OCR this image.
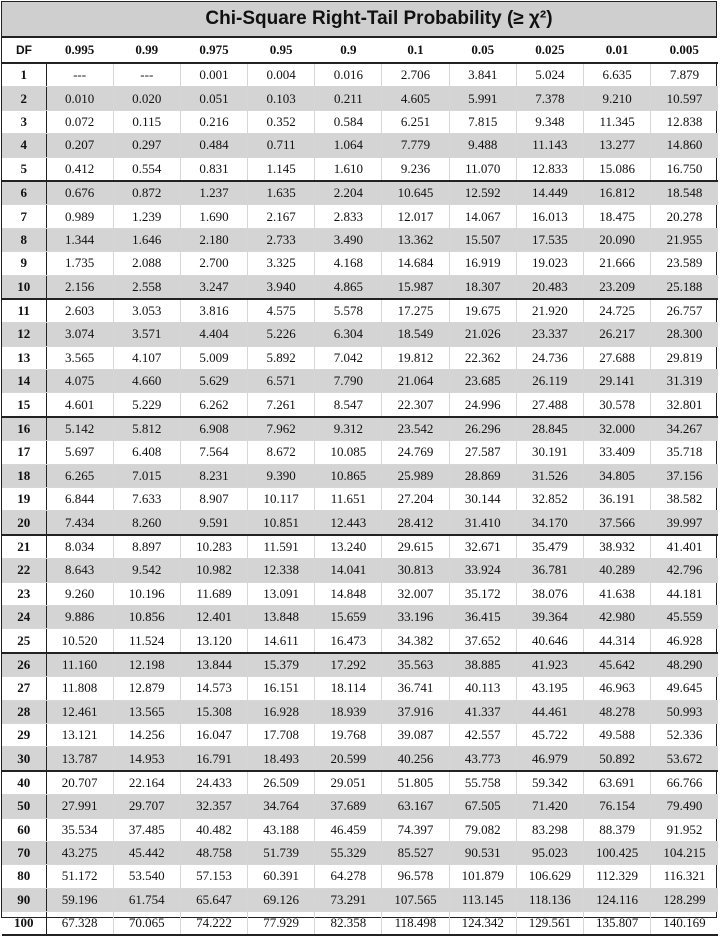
Chi-Square Right-Tail Probability (≥ χ²)
DF	0.995	0.99	0.975	0.95	0.9	0.1	0.05	0.025	0.01	0.005
1	---	---	0.001	0.004	0.016	2.706	3.841	5.024	6.635	7.879
2	0.010	0.020	0.051	0.103	0.211	4.605	5.991	7.378	9.210	10.597
3	0.072	0.115	0.216	0.352	0.584	6.251	7.815	9.348	11.345	12.838
4	0.207	0.297	0.484	0.711	1.064	7.779	9.488	11.143	13.277	14.860
5	0.412	0.554	0.831	1.145	1.610	9.236	11.070	12.833	15.086	16.750
6	0.676	0.872	1.237	1.635	2.204	10.645	12.592	14.449	16.812	18.548
7	0.989	1.239	1.690	2.167	2.833	12.017	14.067	16.013	18.475	20.278
8	1.344	1.646	2.180	2.733	3.490	13.362	15.507	17.535	20.090	21.955
9	1.735	2.088	2.700	3.325	4.168	14.684	16.919	19.023	21.666	23.589
10	2.156	2.558	3.247	3.940	4.865	15.987	18.307	20.483	23.209	25.188
11	2.603	3.053	3.816	4.575	5.578	17.275	19.675	21.920	24.725	26.757
12	3.074	3.571	4.404	5.226	6.304	18.549	21.026	23.337	26.217	28.300
13	3.565	4.107	5.009	5.892	7.042	19.812	22.362	24.736	27.688	29.819
14	4.075	4.660	5.629	6.571	7.790	21.064	23.685	26.119	29.141	31.319
15	4.601	5.229	6.262	7.261	8.547	22.307	24.996	27.488	30.578	32.801
16	5.142	5.812	6.908	7.962	9.312	23.542	26.296	28.845	32.000	34.267
17	5.697	6.408	7.564	8.672	10.085	24.769	27.587	30.191	33.409	35.718
18	6.265	7.015	8.231	9.390	10.865	25.989	28.869	31.526	34.805	37.156
19	6.844	7.633	8.907	10.117	11.651	27.204	30.144	32.852	36.191	38.582
20	7.434	8.260	9.591	10.851	12.443	28.412	31.410	34.170	37.566	39.997
21	8.034	8.897	10.283	11.591	13.240	29.615	32.671	35.479	38.932	41.401
22	8.643	9.542	10.982	12.338	14.041	30.813	33.924	36.781	40.289	42.796
23	9.260	10.196	11.689	13.091	14.848	32.007	35.172	38.076	41.638	44.181
24	9.886	10.856	12.401	13.848	15.659	33.196	36.415	39.364	42.980	45.559
25	10.520	11.524	13.120	14.611	16.473	34.382	37.652	40.646	44.314	46.928
26	11.160	12.198	13.844	15.379	17.292	35.563	38.885	41.923	45.642	48.290
27	11.808	12.879	14.573	16.151	18.114	36.741	40.113	43.195	46.963	49.645
28	12.461	13.565	15.308	16.928	18.939	37.916	41.337	44.461	48.278	50.993
29	13.121	14.256	16.047	17.708	19.768	39.087	42.557	45.722	49.588	52.336
30	13.787	14.953	16.791	18.493	20.599	40.256	43.773	46.979	50.892	53.672
40	20.707	22.164	24.433	26.509	29.051	51.805	55.758	59.342	63.691	66.766
50	27.991	29.707	32.357	34.764	37.689	63.167	67.505	71.420	76.154	79.490
60	35.534	37.485	40.482	43.188	46.459	74.397	79.082	83.298	88.379	91.952
70	43.275	45.442	48.758	51.739	55.329	85.527	90.531	95.023	100.425	104.215
80	51.172	53.540	57.153	60.391	64.278	96.578	101.879	106.629	112.329	116.321
90	59.196	61.754	65.647	69.126	73.291	107.565	113.145	118.136	124.116	128.299
100	67.328	70.065	74.222	77.929	82.358	118.498	124.342	129.561	135.807	140.169
